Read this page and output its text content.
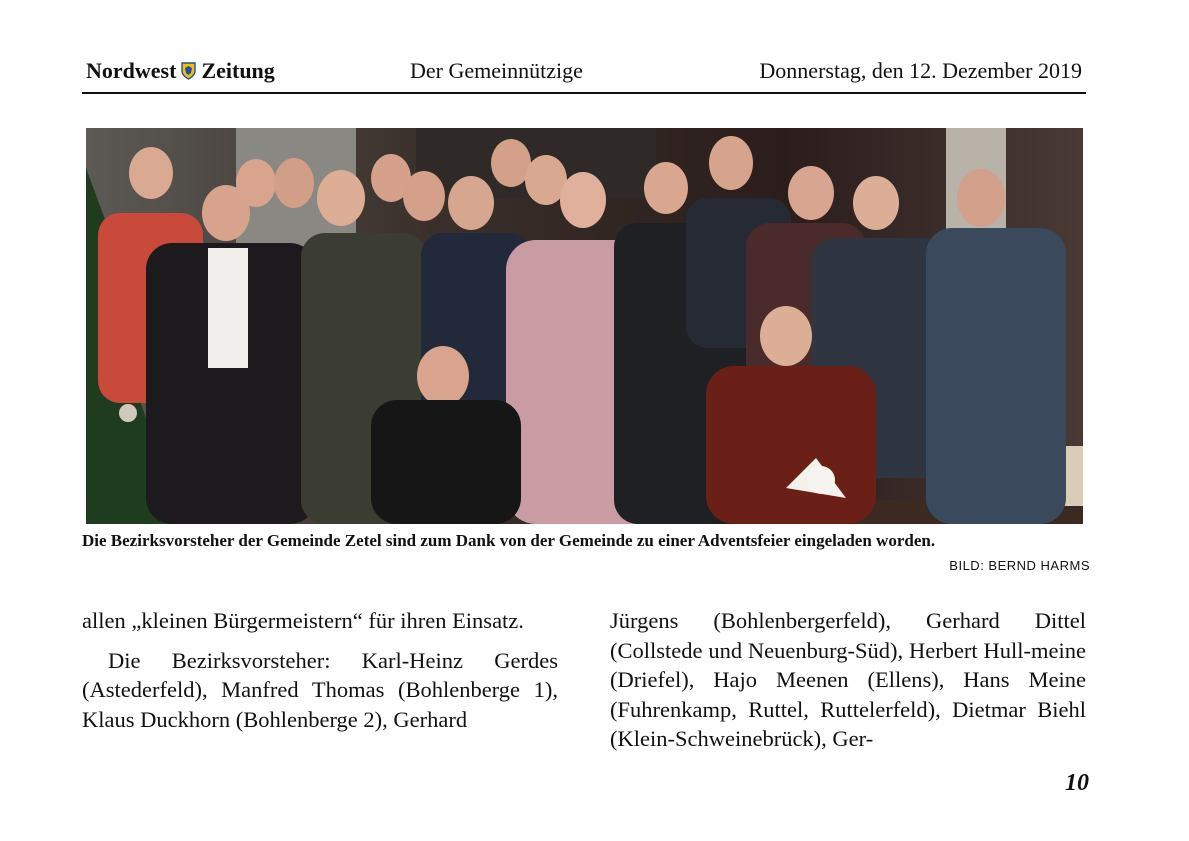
Nordwest Zeitung	Der Gemeinnützige	Donnerstag, den 12. Dezember 2019
Die Bezirksvorsteher der Gemeinde Zetel sind zum Dank von der Gemeinde zu einer Adventsfeier eingeladen worden.
BILD: BERND HARMS

allen „kleinen Bürgermeistern“ für ihren Einsatz.

Die Bezirksvorsteher: Karl-Heinz Gerdes (Astederfeld), Manfred Thomas (Bohlenberge 1), Klaus Duckhorn (Bohlenberge 2), Gerhard

Jürgens (Bohlenbergerfeld), Gerhard Dittel (Collstede und Neuenburg-Süd), Herbert Hull-meine (Driefel), Hajo Meenen (Ellens), Hans Meine (Fuhrenkamp, Ruttel, Ruttelerfeld), Dietmar Biehl (Klein-Schweinebrück), Ger-

10
